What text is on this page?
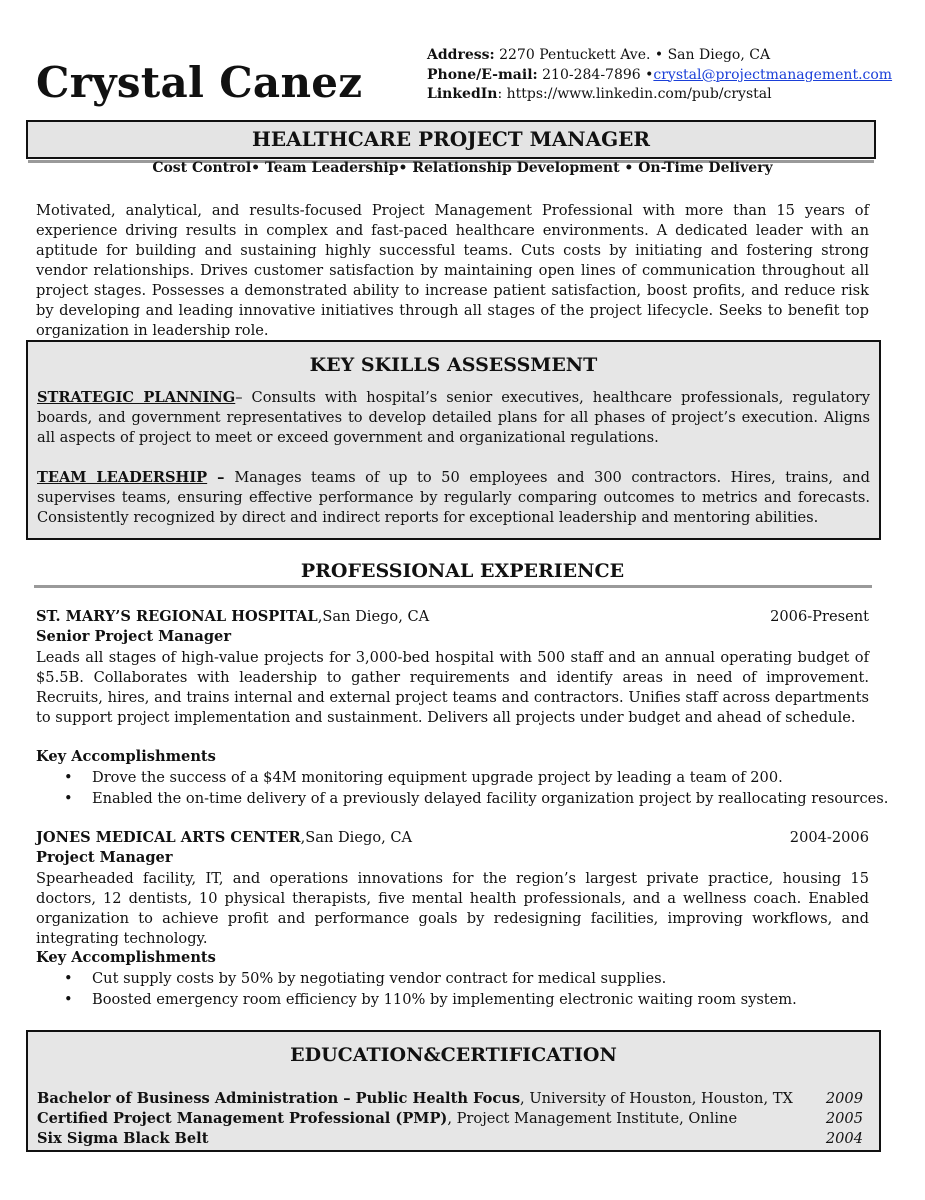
Crystal Canez
Address: 2270 Pentuckett Ave. • San Diego, CA
Phone/E-mail: 210-284-7896 •crystal@projectmanagement.com
LinkedIn: https://www.linkedin.com/pub/crystal
HEALTHCARE PROJECT MANAGER
Cost Control• Team Leadership• Relationship Development • On-Time Delivery
Motivated, analytical, and results-focused Project Management Professional with more than 15 years of experience driving results in complex and fast-paced healthcare environments. A dedicated leader with an aptitude for building and sustaining highly successful teams. Cuts costs by initiating and fostering strong vendor relationships. Drives customer satisfaction by maintaining open lines of communication throughout all project stages. Possesses a demonstrated ability to increase patient satisfaction, boost profits, and reduce risk by developing and leading innovative initiatives through all stages of the project lifecycle. Seeks to benefit top organization in leadership role.
KEY SKILLS ASSESSMENT
STRATEGIC PLANNING– Consults with hospital’s senior executives, healthcare professionals, regulatory boards, and government representatives to develop detailed plans for all phases of project’s execution. Aligns all aspects of project to meet or exceed government and organizational regulations.
TEAM LEADERSHIP – Manages teams of up to 50 employees and 300 contractors. Hires, trains, and supervises teams, ensuring effective performance by regularly comparing outcomes to metrics and forecasts. Consistently recognized by direct and indirect reports for exceptional leadership and mentoring abilities.
PROFESSIONAL EXPERIENCE
ST. MARY’S REGIONAL HOSPITAL,San Diego, CA	2006-Present
Senior Project Manager
Leads all stages of high-value projects for 3,000-bed hospital with 500 staff and an annual operating budget of $5.5B. Collaborates with leadership to gather requirements and identify areas in need of improvement. Recruits, hires, and trains internal and external project teams and contractors. Unifies staff across departments to support project implementation and sustainment. Delivers all projects under budget and ahead of schedule.
Key Accomplishments
• Drove the success of a $4M monitoring equipment upgrade project by leading a team of 200.
• Enabled the on-time delivery of a previously delayed facility organization project by reallocating resources.
JONES MEDICAL ARTS CENTER,San Diego, CA	2004-2006
Project Manager
Spearheaded facility, IT, and operations innovations for the region’s largest private practice, housing 15 doctors, 12 dentists, 10 physical therapists, five mental health professionals, and a wellness coach. Enabled organization to achieve profit and performance goals by redesigning facilities, improving workflows, and integrating technology.
Key Accomplishments
• Cut supply costs by 50% by negotiating vendor contract for medical supplies.
• Boosted emergency room efficiency by 110% by implementing electronic waiting room system.
EDUCATION&CERTIFICATION
Bachelor of Business Administration – Public Health Focus, University of Houston, Houston, TX 2009
Certified Project Management Professional (PMP), Project Management Institute, Online	2005
Six Sigma Black Belt	2004
